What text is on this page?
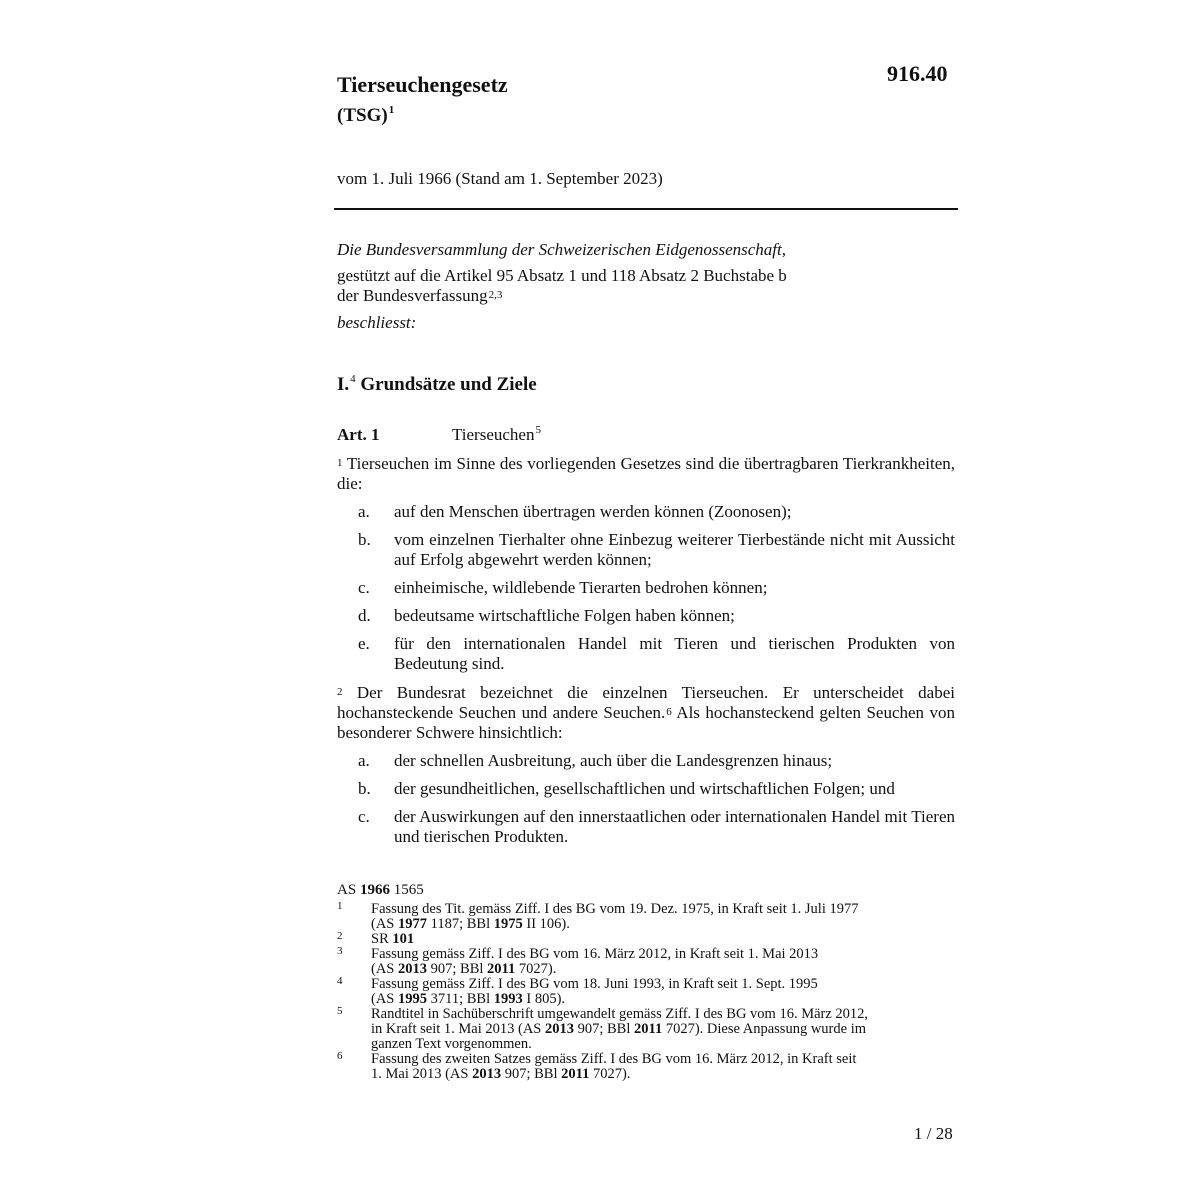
Tierseuchengesetz
(TSG)$^1$
916.40
vom 1. Juli 1966 (Stand am 1. September 2023)
Die Bundesversammlung der Schweizerischen Eidgenossenschaft,
gestützt auf die Artikel 95 Absatz 1 und 118 Absatz 2 Buchstabe b
der Bundesverfassung$^{2,3}$
beschliesst:
I.$^4$ Grundsätze und Ziele
Art. 1	Tierseuchen$^5$
$^1$ Tierseuchen im Sinne des vorliegenden Gesetzes sind die übertragbaren Tierkrankheiten, die:
a. auf den Menschen übertragen werden können (Zoonosen);
b. vom einzelnen Tierhalter ohne Einbezug weiterer Tierbestände nicht mit Aussicht auf Erfolg abgewehrt werden können;
c. einheimische, wildlebende Tierarten bedrohen können;
d. bedeutsame wirtschaftliche Folgen haben können;
e. für den internationalen Handel mit Tieren und tierischen Produkten von Bedeutung sind.
$^2$ Der Bundesrat bezeichnet die einzelnen Tierseuchen. Er unterscheidet dabei hochansteckende Seuchen und andere Seuchen.$^6$ Als hochansteckend gelten Seuchen von besonderer Schwere hinsichtlich:
a. der schnellen Ausbreitung, auch über die Landesgrenzen hinaus;
b. der gesundheitlichen, gesellschaftlichen und wirtschaftlichen Folgen; und
c. der Auswirkungen auf den innerstaatlichen oder internationalen Handel mit Tieren und tierischen Produkten.
AS 1966 1565
1 Fassung des Tit. gemäss Ziff. I des BG vom 19. Dez. 1975, in Kraft seit 1. Juli 1977
(AS 1977 1187; BBl 1975 II 106).
2 SR 101
3 Fassung gemäss Ziff. I des BG vom 16. März 2012, in Kraft seit 1. Mai 2013
(AS 2013 907; BBl 2011 7027).
4 Fassung gemäss Ziff. I des BG vom 18. Juni 1993, in Kraft seit 1. Sept. 1995
(AS 1995 3711; BBl 1993 I 805).
5 Randtitel in Sachüberschrift umgewandelt gemäss Ziff. I des BG vom 16. März 2012,
in Kraft seit 1. Mai 2013 (AS 2013 907; BBl 2011 7027). Diese Anpassung wurde im
ganzen Text vorgenommen.
6 Fassung des zweiten Satzes gemäss Ziff. I des BG vom 16. März 2012, in Kraft seit
1. Mai 2013 (AS 2013 907; BBl 2011 7027).
1 / 28
